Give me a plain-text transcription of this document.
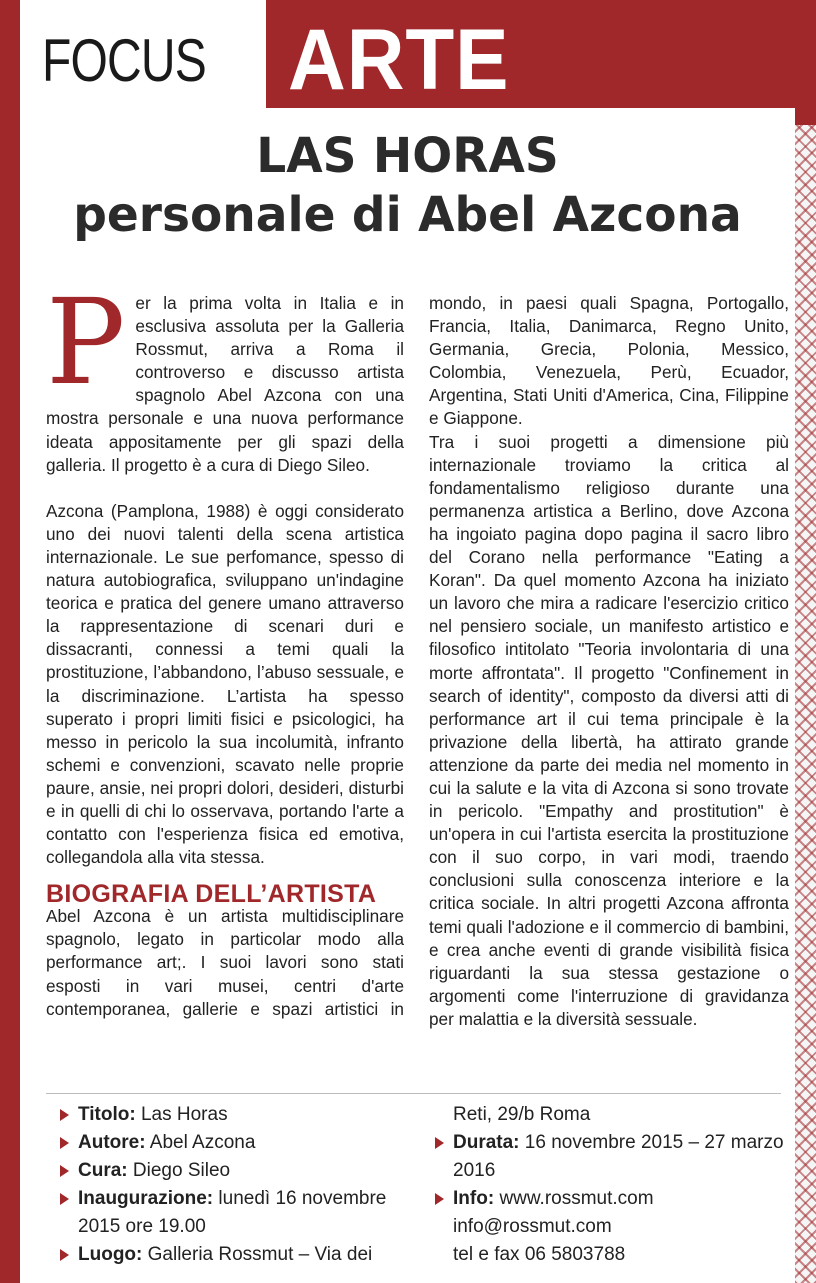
FOCUS ARTE
LAS HORAS
personale di Abel Azcona

Per la prima volta in Italia e in esclusiva assoluta per la Galleria Rossmut, arriva a Roma il controverso e discusso artista spagnolo Abel Azcona con una mostra personale e una nuova performance ideata appositamente per gli spazi della galleria. Il progetto è a cura di Diego Sileo.

Azcona (Pamplona, 1988) è oggi considerato uno dei nuovi talenti della scena artistica internazionale. Le sue perfomance, spesso di natura autobiografica, sviluppano un'indagine teorica e pratica del genere umano attraverso la rappresentazione di scenari duri e dissacranti, connessi a temi quali la prostituzione, l’abbandono, l’abuso sessuale, e la discriminazione. L’artista ha spesso superato i propri limiti fisici e psicologici, ha messo in pericolo la sua incolumità, infranto schemi e convenzioni, scavato nelle proprie paure, ansie, nei propri dolori, desideri, disturbi e in quelli di chi lo osservava, portando l'arte a contatto con l'esperienza fisica ed emotiva, collegandola alla vita stessa.

BIOGRAFIA DELL’ARTISTA

Abel Azcona è un artista multidisciplinare spagnolo, legato in particolar modo alla performance art;. I suoi lavori sono stati esposti in vari musei, centri d'arte contemporanea, gallerie e spazi artistici in

mondo, in paesi quali Spagna, Portogallo, Francia, Italia, Danimarca, Regno Unito, Germania, Grecia, Polonia, Messico, Colombia, Venezuela, Perù, Ecuador, Argentina, Stati Uniti d'America, Cina, Filippine e Giappone.

Tra i suoi progetti a dimensione più internazionale troviamo la critica al fondamentalismo religioso durante una permanenza artistica a Berlino, dove Azcona ha ingoiato pagina dopo pagina il sacro libro del Corano nella performance "Eating a Koran". Da quel momento Azcona ha iniziato un lavoro che mira a radicare l'esercizio critico nel pensiero sociale, un manifesto artistico e filosofico intitolato "Teoria involontaria di una morte affrontata". Il progetto "Confinement in search of identity", composto da diversi atti di performance art il cui tema principale è la privazione della libertà, ha attirato grande attenzione da parte dei media nel momento in cui la salute e la vita di Azcona si sono trovate in pericolo. "Empathy and prostitution" è un'opera in cui l'artista esercita la prostituzione con il suo corpo, in vari modi, traendo conclusioni sulla conoscenza interiore e la critica sociale. In altri progetti Azcona affronta temi quali l'adozione e il commercio di bambini, e crea anche eventi di grande visibilità fisica riguardanti la sua stessa gestazione o argomenti come l'interruzione di gravidanza per malattia e la diversità sessuale.

Titolo: Las Horas
Autore: Abel Azcona
Cura: Diego Sileo
Inaugurazione: lunedì 16 novembre 2015 ore 19.00
Luogo: Galleria Rossmut – Via dei
Reti, 29/b Roma
Durata: 16 novembre 2015 – 27 marzo 2016
Info: www.rossmut.com
info@rossmut.com
tel e fax 06 5803788
